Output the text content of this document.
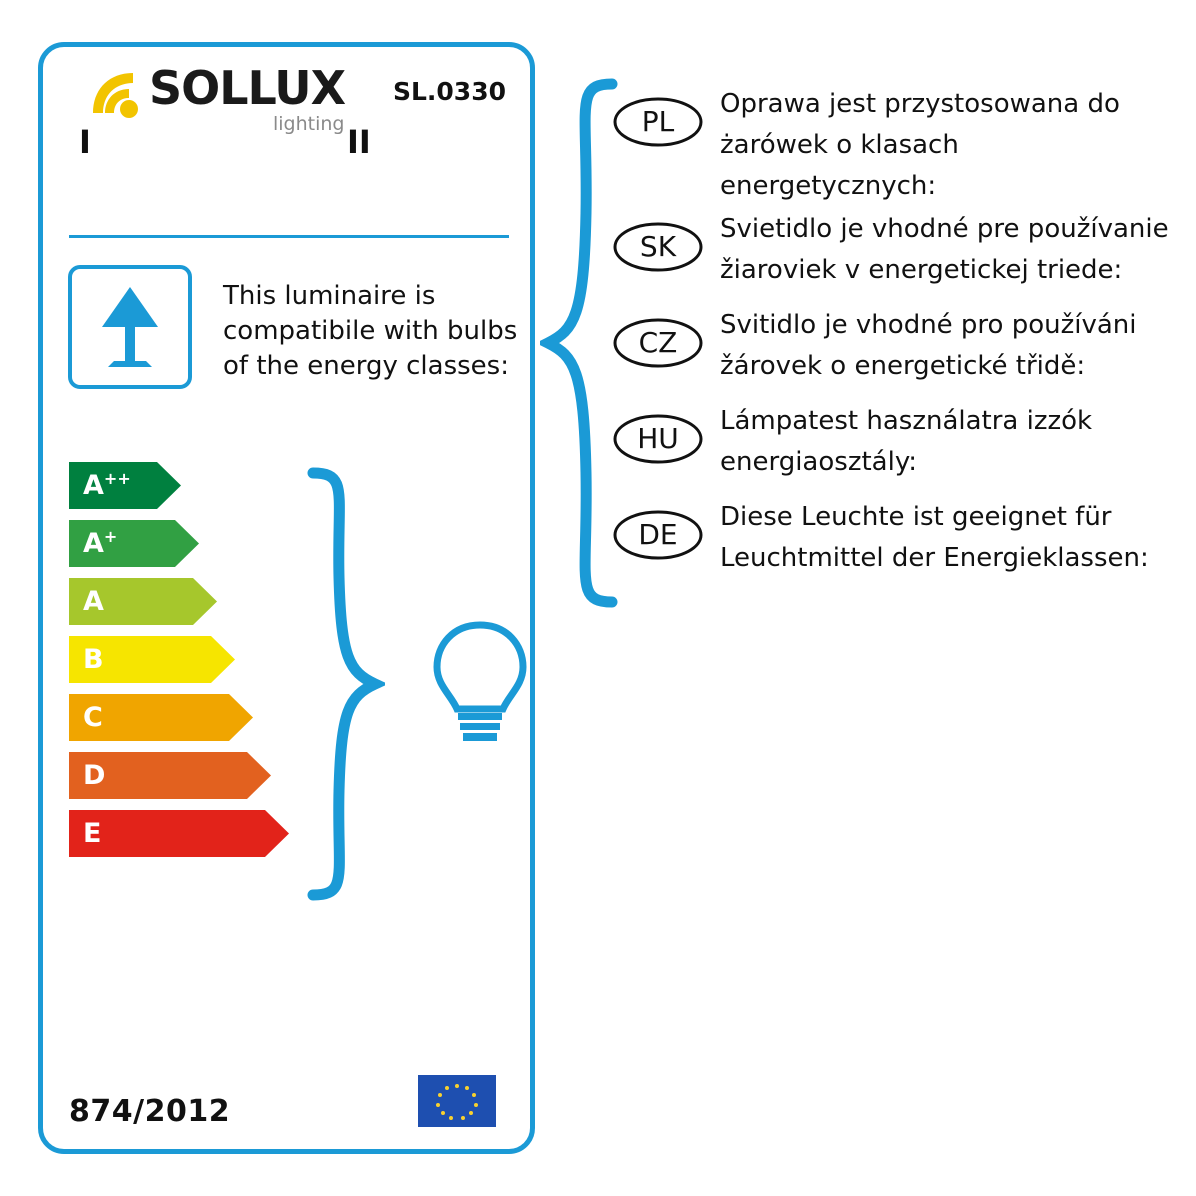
SOLLUX
lighting
SL.0330
I	II
This luminaire is compatibile with bulbs of the energy classes:
A++
A+
A
B
C
D
E
874/2012
PL
Oprawa jest przystosowana do żarówek o klasach energetycznych:
SK
Svietidlo je vhodné pre používanie žiaroviek v energetickej triede:
CZ
Svitidlo je vhodné pro používáni žárovek o energetické třidě:
HU
Lámpatest használatra izzók energiaosztály:
DE
Diese Leuchte ist geeignet für Leuchtmittel der Energieklassen:
